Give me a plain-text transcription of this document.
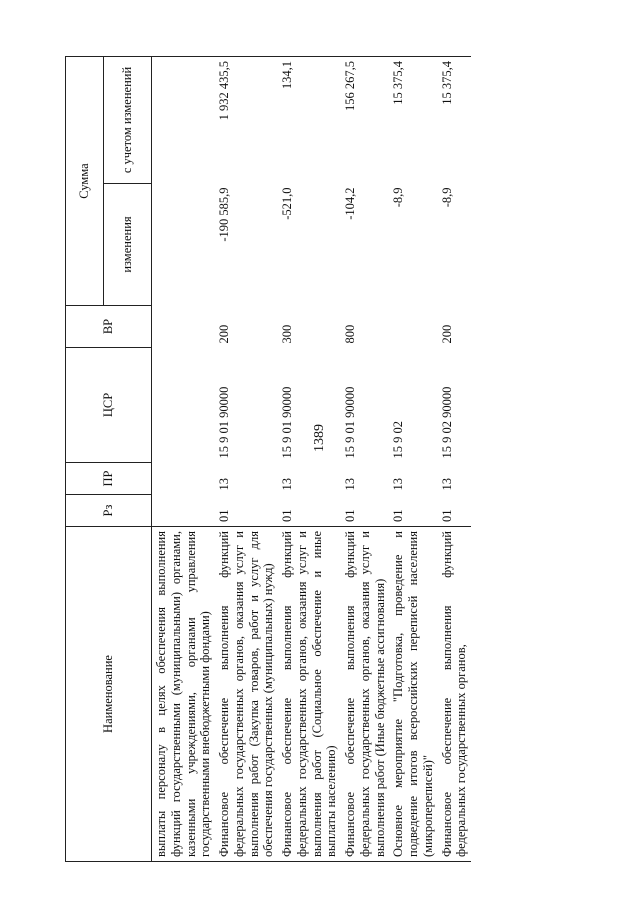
1389
Наименование	Рз	ПР	ЦСР	ВР	Сумма	
					изменения	с учетом изменений
выплаты персоналу в целях обеспечения выполнения функций государственными (муниципальными) органами, казенными учреждениями, органами управления государственными внебюджетными фондами)						
Финансовое обеспечение выполнения функций федеральных государственных органов, оказания услуг и выполнения работ (Закупка товаров, работ и услуг для обеспечения государственных (муниципальных) нужд)	01	13	15 9 01 90000	200	-190 585,9	1 932 435,5
Финансовое обеспечение выполнения функций федеральных государственных органов, оказания услуг и выполнения работ (Социальное обеспечение и иные выплаты населению)	01	13	15 9 01 90000	300	-521,0	134,1
Финансовое обеспечение выполнения функций федеральных государственных органов, оказания услуг и выполнения работ (Иные бюджетные ассигнования)	01	13	15 9 01 90000	800	-104,2	156 267,5
Основное мероприятие "Подготовка, проведение и подведение итогов всероссийских переписей населения (микропереписей)"	01	13	15 9 02		-8,9	15 375,4
Финансовое обеспечение выполнения функций федеральных государственных органов,	01	13	15 9 02 90000	200	-8,9	15 375,4
